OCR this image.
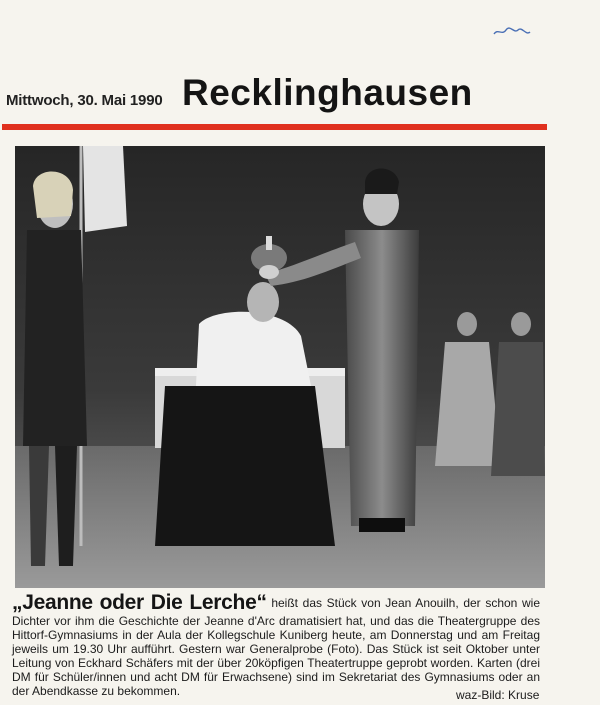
Mittwoch, 30. Mai 1990 Recklinghausen

„Jeanne oder Die Lerche“ heißt das Stück von Jean Anouilh, der schon wie Dichter vor ihm die Geschichte der Jeanne d'Arc dramatisiert hat, und das die Theatergruppe des Hittorf-Gymnasiums in der Aula der Kollegschule Kuniberg heute, am Donnerstag und am Freitag jeweils um 19.30 Uhr aufführt. Gestern war Generalprobe (Foto). Das Stück ist seit Oktober unter Leitung von Eckhard Schäfers mit der über 20köpfigen Theatertruppe geprobt worden. Karten (drei DM für Schüler/innen und acht DM für Erwachsene) sind im Sekretariat des Gymnasiums oder an der Abendkasse zu bekommen.	waz-Bild: Kruse
